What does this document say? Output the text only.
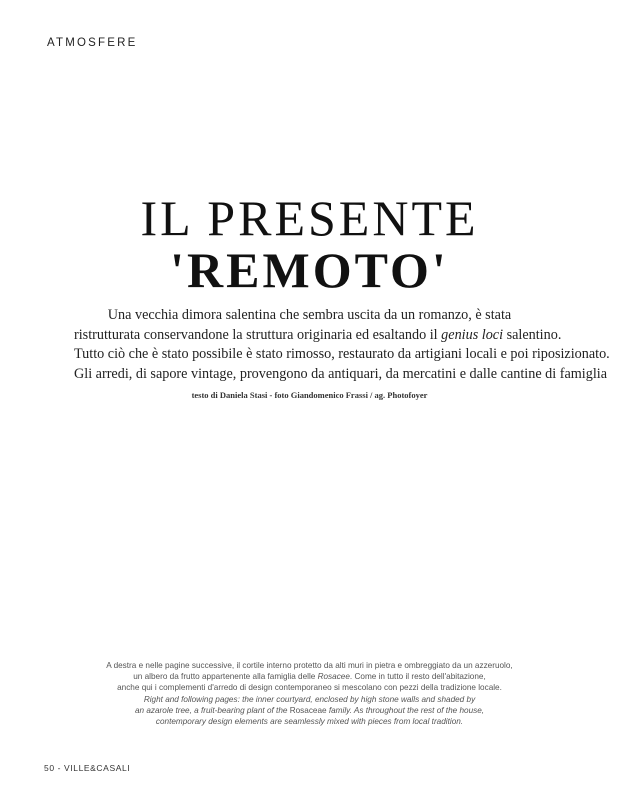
ATMOSFERE
IL PRESENTE
'REMOTO'

Una vecchia dimora salentina che sembra uscita da un romanzo, è stata

ristrutturata conservandone la struttura originaria ed esaltando il genius loci salentino.

Tutto ciò che è stato possibile è stato rimosso, restaurato da artigiani locali e poi riposizionato.

Gli arredi, di sapore vintage, provengono da antiquari, da mercatini e dalle cantine di famiglia

testo di Daniela Stasi - foto Giandomenico Frassi / ag. Photofoyer

A destra e nelle pagine successive, il cortile interno protetto da alti muri in pietra e ombreggiato da un azzeruolo,

un albero da frutto appartenente alla famiglia delle Rosacee. Come in tutto il resto dell'abitazione,

anche qui i complementi d'arredo di design contemporaneo si mescolano con pezzi della tradizione locale.

Right and following pages: the inner courtyard, enclosed by high stone walls and shaded by

an azarole tree, a fruit-bearing plant of the Rosaceae family. As throughout the rest of the house,

contemporary design elements are seamlessly mixed with pieces from local tradition.

50 - VILLE&CASALI
